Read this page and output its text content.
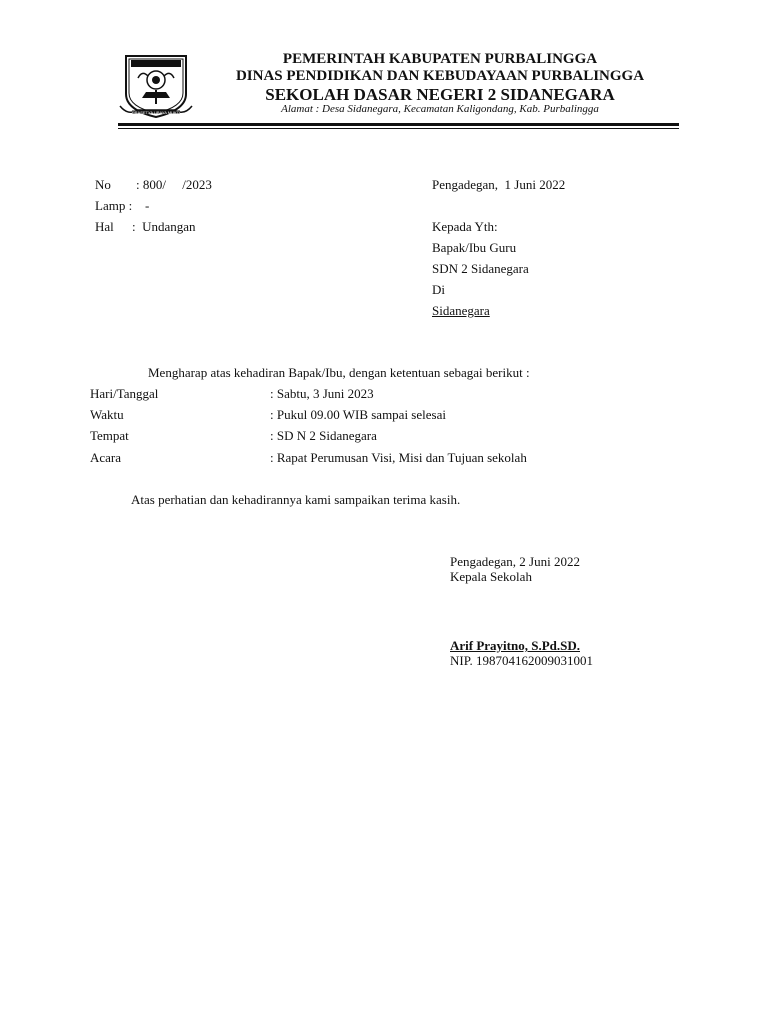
PURBALINGGA
PRASETYA UBAYA MUKTI
PEMERINTAH KABUPATEN PURBALINGGA
DINAS PENDIDIKAN DAN KEBUDAYAAN PURBALINGGA
SEKOLAH DASAR NEGERI 2 SIDANEGARA
Alamat : Desa Sidanegara, Kecamatan Kaligondang, Kab. Purbalingga
No : 800/     /2023
Lamp : -
Hal :  Undangan
Pengadegan,  1 Juni 2022
Kepada Yth:
Bapak/Ibu Guru
SDN 2 Sidanegara
Di
Sidanegara
Mengharap atas kehadiran Bapak/Ibu, dengan ketentuan sebagai berikut :
Hari/Tanggal	: Sabtu, 3 Juni 2023
Waktu	: Pukul 09.00 WIB sampai selesai
Tempat	: SD N 2 Sidanegara
Acara	: Rapat Perumusan Visi, Misi dan Tujuan sekolah
Atas perhatian dan kehadirannya kami sampaikan terima kasih.
Pengadegan, 2 Juni 2022
Kepala Sekolah
Arif Prayitno, S.Pd.SD.
NIP. 198704162009031001
